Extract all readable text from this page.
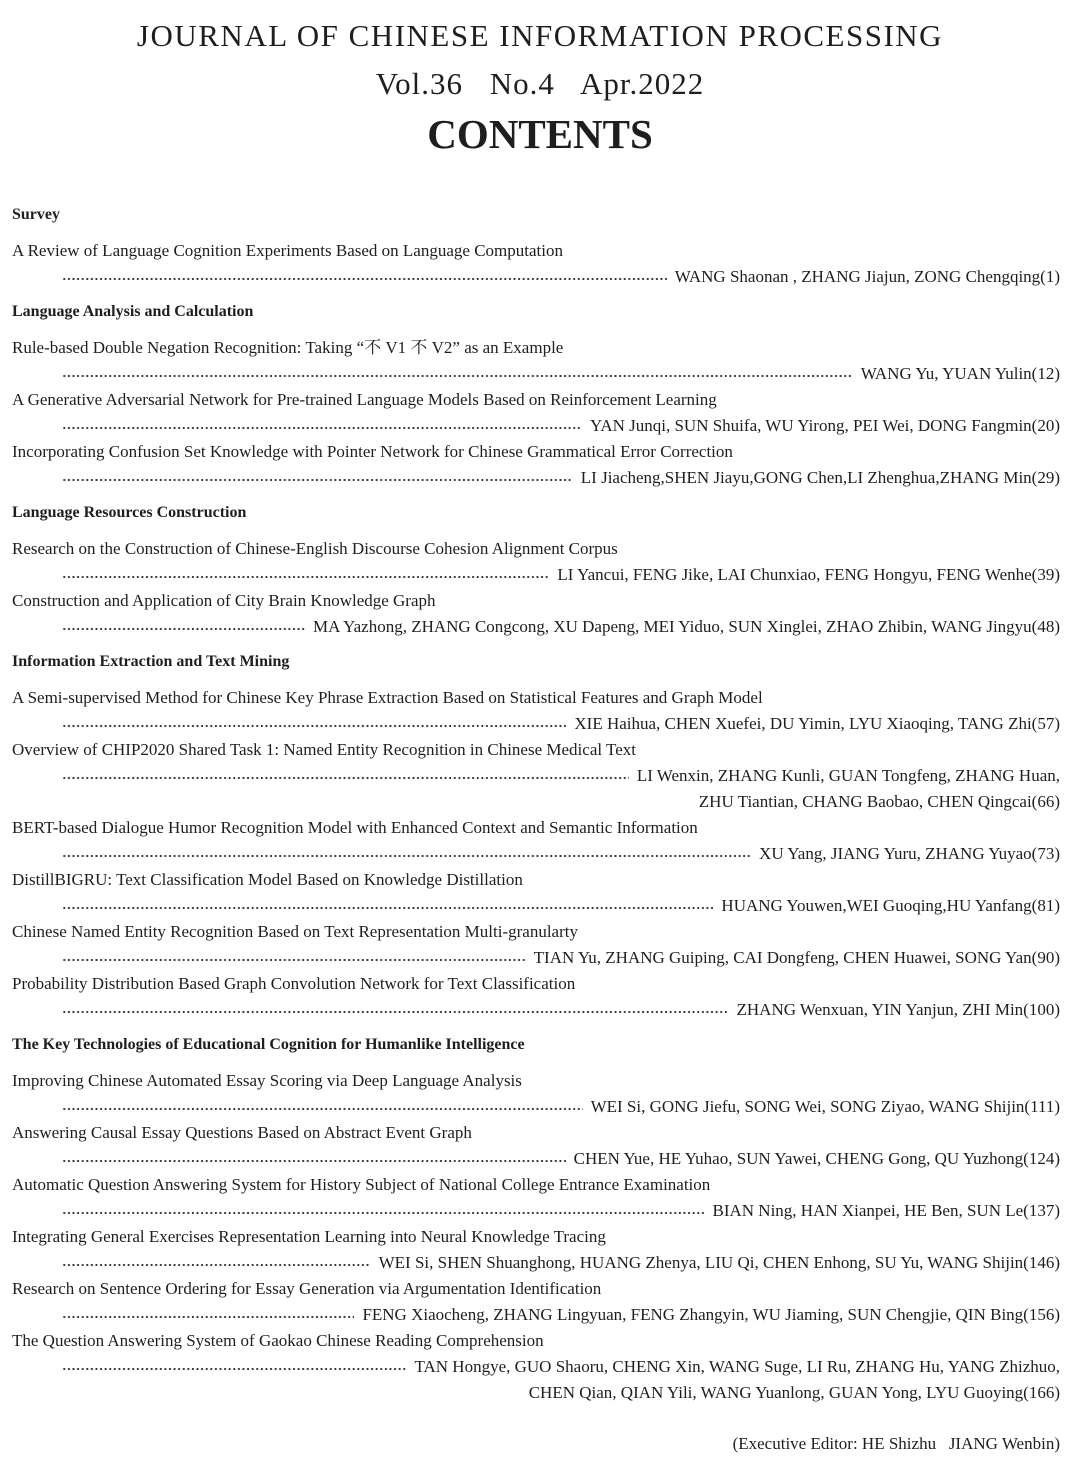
JOURNAL OF CHINESE INFORMATION PROCESSING
Vol.36 No.4 Apr.2022
CONTENTS
Survey
A Review of Language Cognition Experiments Based on Language Computation
WANG Shaonan , ZHANG Jiajun, ZONG Chengqing(1)
Language Analysis and Calculation
Rule-based Double Negation Recognition: Taking “不 V1 不 V2” as an Example
WANG Yu, YUAN Yulin(12)
A Generative Adversarial Network for Pre-trained Language Models Based on Reinforcement Learning
YAN Junqi, SUN Shuifa, WU Yirong, PEI Wei, DONG Fangmin(20)
Incorporating Confusion Set Knowledge with Pointer Network for Chinese Grammatical Error Correction
LI Jiacheng,SHEN Jiayu,GONG Chen,LI Zhenghua,ZHANG Min(29)
Language Resources Construction
Research on the Construction of Chinese-English Discourse Cohesion Alignment Corpus
LI Yancui, FENG Jike, LAI Chunxiao, FENG Hongyu, FENG Wenhe(39)
Construction and Application of City Brain Knowledge Graph
MA Yazhong, ZHANG Congcong, XU Dapeng, MEI Yiduo, SUN Xinglei, ZHAO Zhibin, WANG Jingyu(48)
Information Extraction and Text Mining
A Semi-supervised Method for Chinese Key Phrase Extraction Based on Statistical Features and Graph Model
XIE Haihua, CHEN Xuefei, DU Yimin, LYU Xiaoqing, TANG Zhi(57)
Overview of CHIP2020 Shared Task 1: Named Entity Recognition in Chinese Medical Text
LI Wenxin, ZHANG Kunli, GUAN Tongfeng, ZHANG Huan,
ZHU Tiantian, CHANG Baobao, CHEN Qingcai(66)
BERT-based Dialogue Humor Recognition Model with Enhanced Context and Semantic Information
XU Yang, JIANG Yuru, ZHANG Yuyao(73)
DistillBIGRU: Text Classification Model Based on Knowledge Distillation
HUANG Youwen,WEI Guoqing,HU Yanfang(81)
Chinese Named Entity Recognition Based on Text Representation Multi-granularty
TIAN Yu, ZHANG Guiping, CAI Dongfeng, CHEN Huawei, SONG Yan(90)
Probability Distribution Based Graph Convolution Network for Text Classification
ZHANG Wenxuan, YIN Yanjun, ZHI Min(100)
The Key Technologies of Educational Cognition for Humanlike Intelligence
Improving Chinese Automated Essay Scoring via Deep Language Analysis
WEI Si, GONG Jiefu, SONG Wei, SONG Ziyao, WANG Shijin(111)
Answering Causal Essay Questions Based on Abstract Event Graph
CHEN Yue, HE Yuhao, SUN Yawei, CHENG Gong, QU Yuzhong(124)
Automatic Question Answering System for History Subject of National College Entrance Examination
BIAN Ning, HAN Xianpei, HE Ben, SUN Le(137)
Integrating General Exercises Representation Learning into Neural Knowledge Tracing
WEI Si, SHEN Shuanghong, HUANG Zhenya, LIU Qi, CHEN Enhong, SU Yu, WANG Shijin(146)
Research on Sentence Ordering for Essay Generation via Argumentation Identification
FENG Xiaocheng, ZHANG Lingyuan, FENG Zhangyin, WU Jiaming, SUN Chengjie, QIN Bing(156)
The Question Answering System of Gaokao Chinese Reading Comprehension
TAN Hongye, GUO Shaoru, CHENG Xin, WANG Suge, LI Ru, ZHANG Hu, YANG Zhizhuo,
CHEN Qian, QIAN Yili, WANG Yuanlong, GUAN Yong, LYU Guoying(166)
(Executive Editor: HE Shizhu   JIANG Wenbin)
